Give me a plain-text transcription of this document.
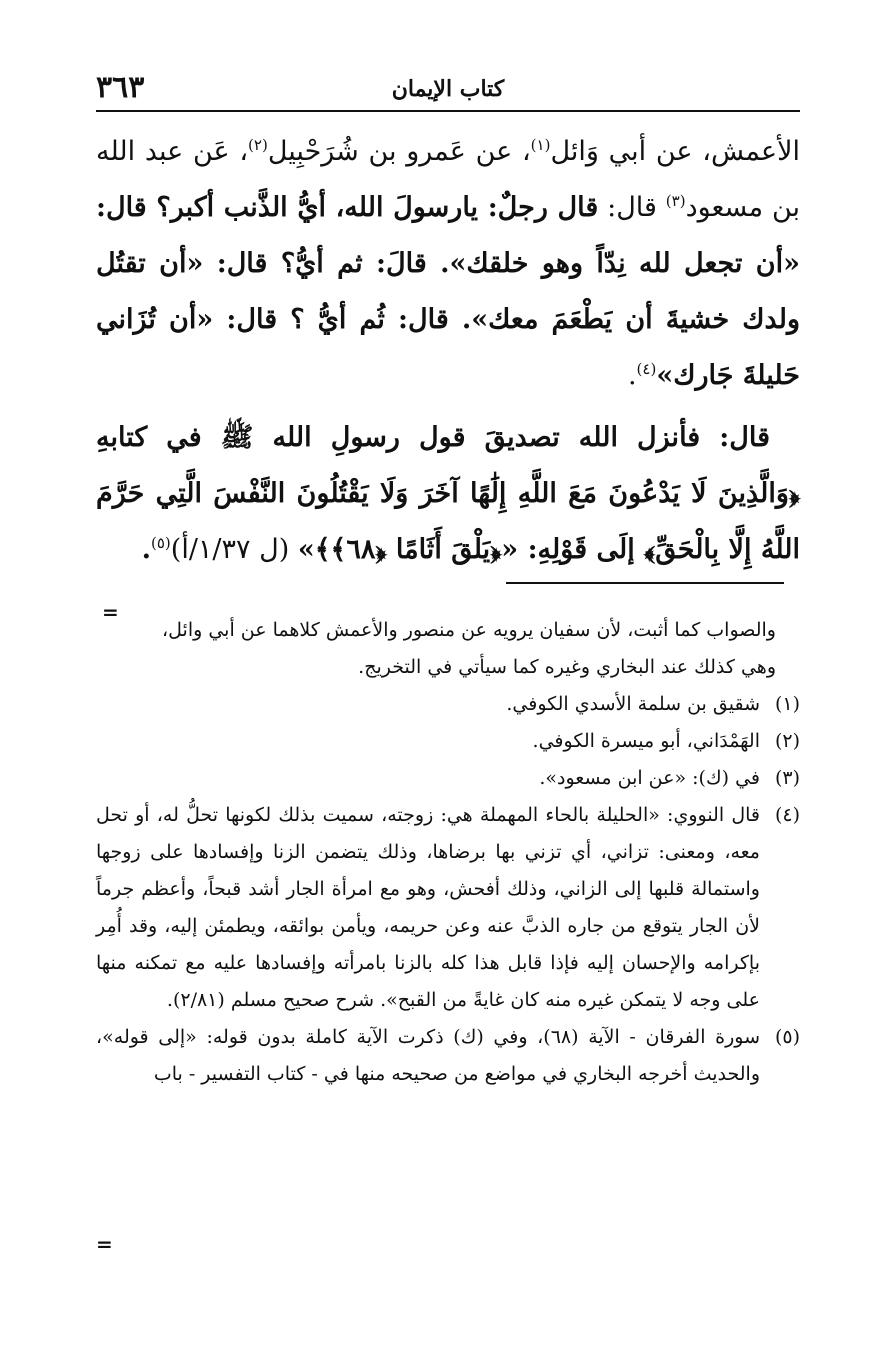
كتاب الإيمان
٣٦٣

الأعمش، عن أبي وَائل$^{(١)}$، عن عَمرو بن شُرَحْبِيل$^{(٢)}$، عَن عبد الله بن مسعود$^{(٣)}$ قال: قال رجلٌ: يارسولَ الله، أيُّ الذَّنب أكبر؟ قال: «أن تجعل لله نِدّاً وهو خلقك». قالَ: ثم أيُّ؟ قال: «أن تقتُل ولدك خشيةَ أن يَطْعَمَ معك». قال: ثُم أيُّ ؟ قال: «أن تُزَاني حَليلةَ جَارك»$^{(٤)}$.

قال: فأنزل الله تصديقَ قول رسولِ الله ﷺ في كتابهِ ﴿وَالَّذِينَ لَا يَدْعُونَ مَعَ اللَّهِ إِلَٰهًا آخَرَ وَلَا يَقْتُلُونَ النَّفْسَ الَّتِي حَرَّمَ اللَّهُ إِلَّا بِالْحَقِّ﴾ إلَى قَوْلِهِ: «﴿يَلْقَ أَثَامًا ﴿٦٨﴾﴾» (ل ١/٣٧/أ)$^{(٥)}$.

=

والصواب كما أثبت، لأن سفيان يرويه عن منصور والأعمش كلاهما عن أبي وائل،

وهي كذلك عند البخاري وغيره كما سيأتي في التخريج.

(١)
شقيق بن سلمة الأسدي الكوفي.
(٢)
الهَمْدَاني، أبو ميسرة الكوفي.
(٣)
في (ك): «عن ابن مسعود».
(٤)
قال النووي: «الحليلة بالحاء المهملة هي: زوجته، سميت بذلك لكونها تحلُّ له، أو تحل معه، ومعنى: تزاني، أي تزني بها برضاها، وذلك يتضمن الزنا وإفسادها على زوجها واستمالة قلبها إلى الزاني، وذلك أفحش، وهو مع امرأة الجار أشد قبحاً، وأعظم جرماً لأن الجار يتوقع من جاره الذبَّ عنه وعن حريمه، ويأمن بوائقه، ويطمئن إليه، وقد أُمِر بإكرامه والإحسان إليه فإذا قابل هذا كله بالزنا بامرأته وإفسادها عليه مع تمكنه منها على وجه لا يتمكن غيره منه كان غايةً من القبح». شرح صحيح مسلم (٢/٨١).
(٥)
سورة الفرقان - الآية (٦٨)، وفي (ك) ذكرت الآية كاملة بدون قوله: «إلى قوله»، والحديث أخرجه البخاري في مواضع من صحيحه منها في - كتاب التفسير - باب
=
